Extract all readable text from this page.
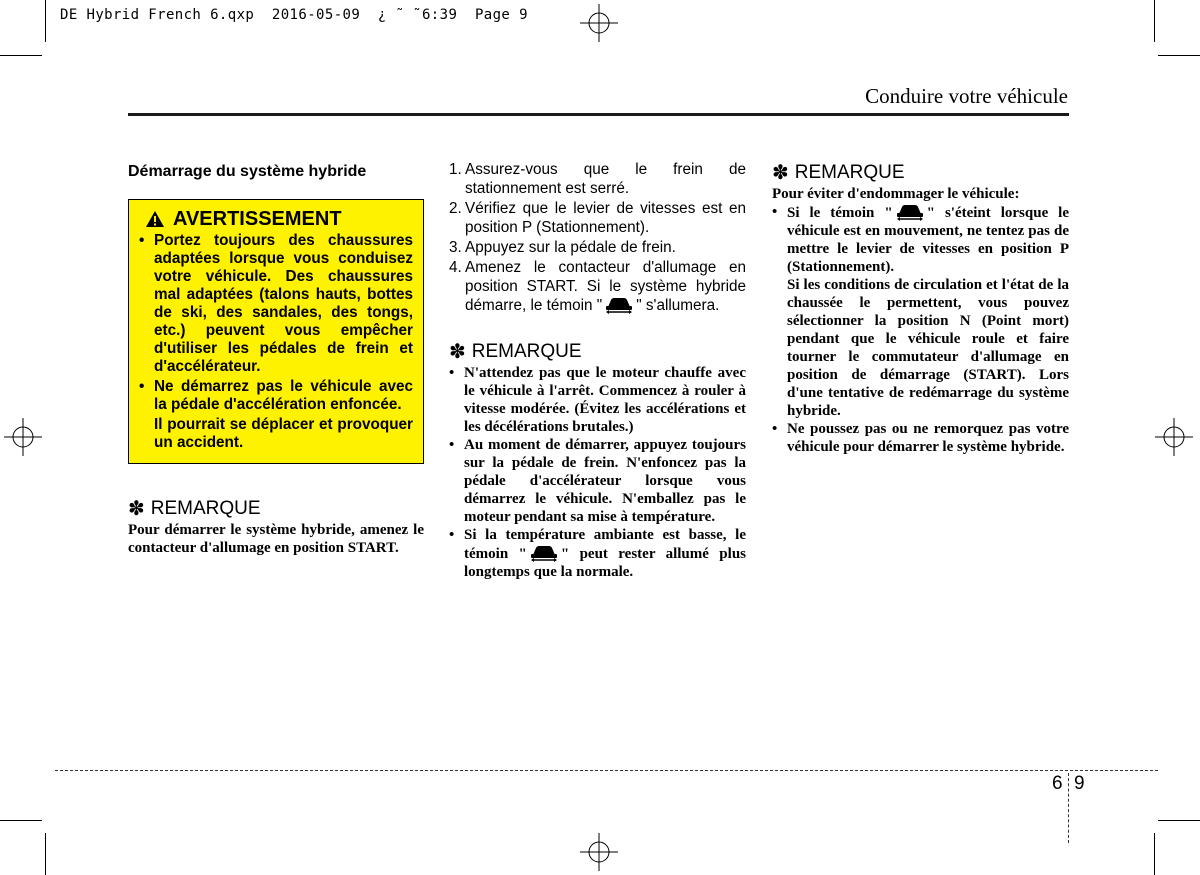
DE Hybrid French 6.qxp  2016-05-09  ¿ ˜ ̃ 6:39  Page 9
Conduire votre véhicule
Démarrage du système hybride
AVERTISSEMENT
• Portez toujours des chaussures adaptées lorsque vous conduisez votre véhicule. Des chaussures mal adaptées (talons hauts, bottes de ski, des sandales, des tongs, etc.) peuvent vous empêcher d'utiliser les pédales de frein et d'accélérateur.
• Ne démarrez pas le véhicule avec la pédale d'accélération enfoncée.
Il pourrait se déplacer et provoquer un accident.
✽ REMARQUE
Pour démarrer le système hybride, amenez le contacteur d'allumage en position START.
1. Assurez-vous que le frein de stationnement est serré.
2. Vérifiez que le levier de vitesses est en position P (Stationnement).
3. Appuyez sur la pédale de frein.
4. Amenez le contacteur d'allumage en position START. Si le système hybride démarre, le témoin " " s'allumera.
✽ REMARQUE
• N'attendez pas que le moteur chauffe avec le véhicule à l'arrêt. Commencez à rouler à vitesse modérée. (Évitez les accélérations et les décélérations brutales.)
• Au moment de démarrer, appuyez toujours sur la pédale de frein. N'enfoncez pas la pédale d'accélérateur lorsque vous démarrez le véhicule. N'emballez pas le moteur pendant sa mise à température.
• Si la température ambiante est basse, le témoin " " peut rester allumé plus longtemps que la normale.
✽ REMARQUE
Pour éviter d'endommager le véhicule:
• Si le témoin " " s'éteint lorsque le véhicule est en mouvement, ne tentez pas de mettre le levier de vitesses en position P (Stationnement).
Si les conditions de circulation et l'état de la chaussée le permettent, vous pouvez sélectionner la position N (Point mort) pendant que le véhicule roule et faire tourner le commutateur d'allumage en position de démarrage (START). Lors d'une tentative de redémarrage du système hybride.
• Ne poussez pas ou ne remorquez pas votre véhicule pour démarrer le système hybride.
6 9
